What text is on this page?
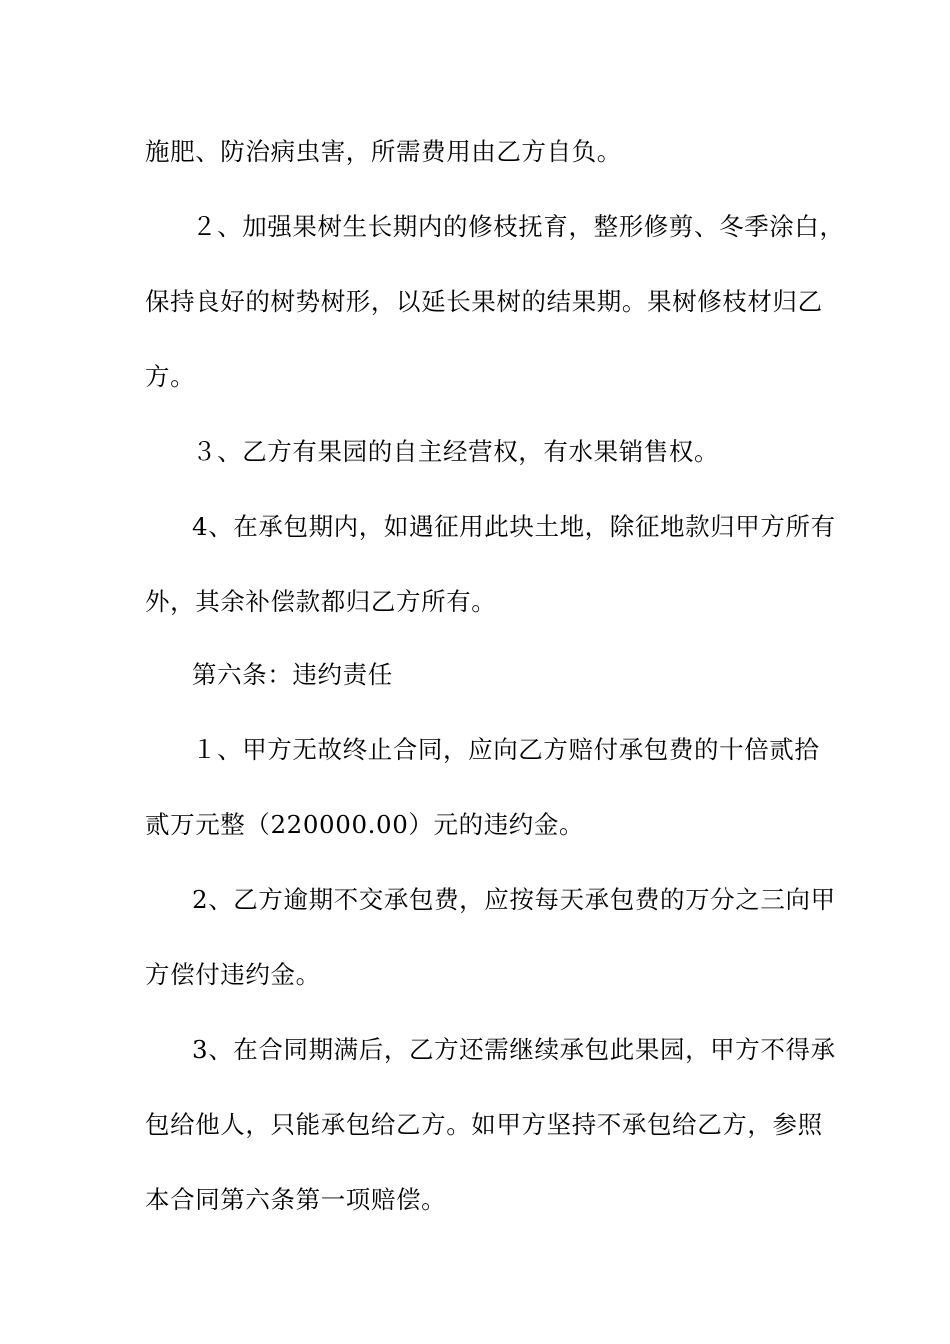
施肥、防治病虫害，所需费用由乙方自负。
２、加强果树生长期内的修枝抚育，整形修剪、冬季涂白，
保持良好的树势树形，以延长果树的结果期。果树修枝材归乙
方。
３、乙方有果园的自主经营权，有水果销售权。
4、在承包期内，如遇征用此块土地，除征地款归甲方所有
外，其余补偿款都归乙方所有。
第六条：违约责任
１、甲方无故终止合同，应向乙方赔付承包费的十倍贰拾
贰万元整（220000.00）元的违约金。
2、乙方逾期不交承包费，应按每天承包费的万分之三向甲
方偿付违约金。
3、在合同期满后，乙方还需继续承包此果园，甲方不得承
包给他人，只能承包给乙方。如甲方坚持不承包给乙方，参照
本合同第六条第一项赔偿。
